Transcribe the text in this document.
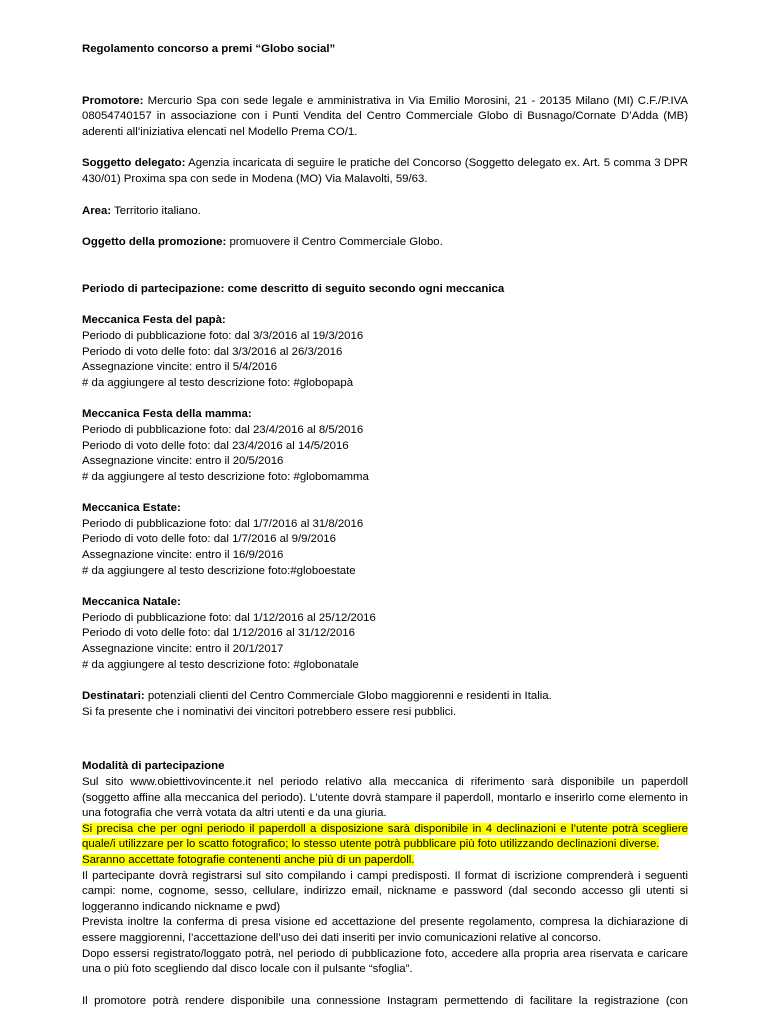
Regolamento concorso a premi “Globo social”

Promotore: Mercurio Spa con sede legale e amministrativa in Via Emilio Morosini, 21 - 20135 Milano (MI) C.F./P.IVA 08054740157 in associazione con i Punti Vendita del Centro Commerciale Globo di Busnago/Cornate D’Adda (MB) aderenti all’iniziativa elencati nel Modello Prema CO/1.

Soggetto delegato: Agenzia incaricata di seguire le pratiche del Concorso (Soggetto delegato ex. Art. 5 comma 3 DPR 430/01) Proxima spa con sede in Modena (MO) Via Malavolti, 59/63.

Area: Territorio italiano.

Oggetto della promozione: promuovere il Centro Commerciale Globo.

Periodo di partecipazione: come descritto di seguito secondo ogni meccanica

Meccanica Festa del papà:

Periodo di pubblicazione foto: dal 3/3/2016 al 19/3/2016

Periodo di voto delle foto: dal 3/3/2016 al 26/3/2016

Assegnazione vincite: entro il 5/4/2016

# da aggiungere al testo descrizione foto: #globopapà

Meccanica Festa della mamma:

Periodo di pubblicazione foto: dal 23/4/2016 al 8/5/2016

Periodo di voto delle foto: dal 23/4/2016 al 14/5/2016

Assegnazione vincite: entro il 20/5/2016

# da aggiungere al testo descrizione foto: #globomamma

Meccanica Estate:

Periodo di pubblicazione foto: dal 1/7/2016 al 31/8/2016

Periodo di voto delle foto: dal 1/7/2016 al 9/9/2016

Assegnazione vincite: entro il 16/9/2016

# da aggiungere al testo descrizione foto:#globoestate

Meccanica Natale:

Periodo di pubblicazione foto: dal 1/12/2016 al 25/12/2016

Periodo di voto delle foto: dal 1/12/2016 al 31/12/2016

Assegnazione vincite: entro il 20/1/2017

# da aggiungere al testo descrizione foto: #globonatale

Destinatari: potenziali clienti del Centro Commerciale Globo maggiorenni e residenti in Italia.

Si fa presente che i nominativi dei vincitori potrebbero essere resi pubblici.

Modalità di partecipazione

Sul sito www.obiettivovincente.it nel periodo relativo alla meccanica di riferimento sarà disponibile un paperdoll (soggetto affine alla meccanica del periodo). L’utente dovrà stampare il paperdoll, montarlo e inserirlo come elemento in una fotografia che verrà votata da altri utenti e da una giuria.

Si precisa che per ogni periodo il paperdoll a disposizione sarà disponibile in 4 declinazioni e l’utente potrà scegliere quale/i utilizzare per lo scatto fotografico; lo stesso utente potrà pubblicare più foto utilizzando declinazioni diverse.

Saranno accettate fotografie contenenti anche più di un paperdoll.

Il partecipante dovrà registrarsi sul sito compilando i campi predisposti. Il format di iscrizione comprenderà i seguenti campi: nome, cognome, sesso, cellulare, indirizzo email, nickname e password (dal secondo accesso gli utenti si loggeranno indicando nickname e pwd)

Prevista inoltre la conferma di presa visione ed accettazione del presente regolamento, compresa la dichiarazione di essere maggiorenni, l’accettazione dell’uso dei dati inseriti per invio comunicazioni relative al concorso.

Dopo essersi registrato/loggato potrà, nel periodo di pubblicazione foto, accedere alla propria area riservata e caricare una o più foto scegliendo dal disco locale con il pulsante “sfoglia”.

Il promotore potrà rendere disponibile una connessione Instagram permettendo di facilitare la registrazione (con
